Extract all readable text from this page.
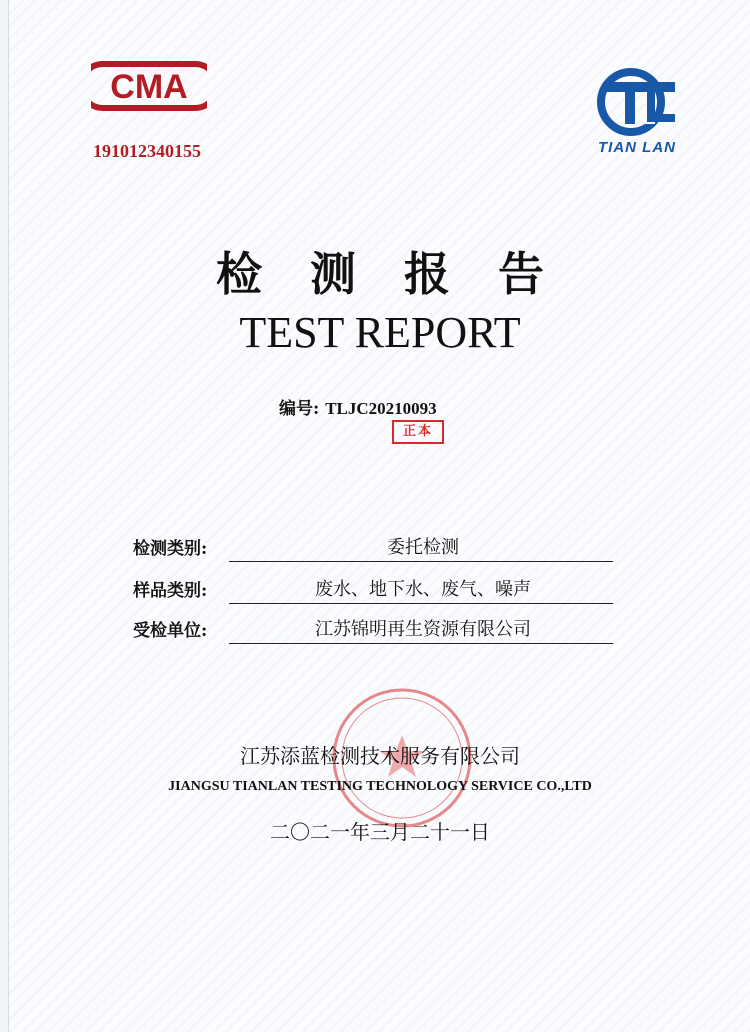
CMA
191012340155	TIAN LAN
检测报告
TEST REPORT
编号: TLJC20210093
正本
检测类别:	委托检测
样品类别:	废水、地下水、废气、噪声
受检单位:	江苏锦明再生资源有限公司
江苏添蓝检测技术服务有限公司
JIANGSU TIANLAN TESTING TECHNOLOGY SERVICE CO.,LTD
二〇二一年三月二十一日
